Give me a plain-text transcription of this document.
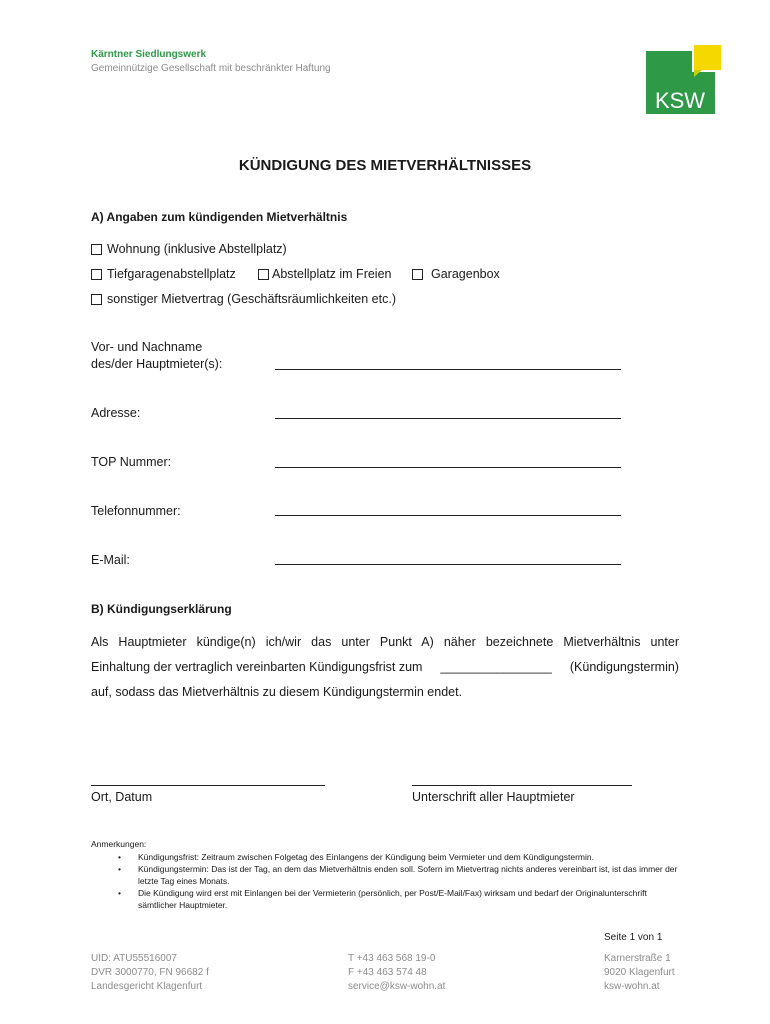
Kärntner Siedlungswerk
Gemeinnützige Gesellschaft mit beschränkter Haftung
KSW
KÜNDIGUNG DES MIETVERHÄLTNISSES
A) Angaben zum kündigenden Mietverhältnis
Wohnung (inklusive Abstellplatz)
Tiefgaragenabstellplatz	Abstellplatz im Freien	Garagenbox
sonstiger Mietvertrag (Geschäftsräumlichkeiten etc.)
Vor- und Nachname
des/der Hauptmieter(s):
Adresse:
TOP Nummer:
Telefonnummer:
E-Mail:
B) Kündigungserklärung
Als Hauptmieter kündige(n) ich/wir das unter Punkt A) näher bezeichnete Mietverhältnis unter
Einhaltung der vertraglich vereinbarten Kündigungsfrist zum ________________ (Kündigungstermin)
auf, sodass das Mietverhältnis zu diesem Kündigungstermin endet.
Ort, Datum	Unterschrift aller Hauptmieter
Anmerkungen:
• Kündigungsfrist: Zeitraum zwischen Folgetag des Einlangens der Kündigung beim Vermieter und dem Kündigungstermin.
• Kündigungstermin: Das ist der Tag, an dem das Mietverhältnis enden soll. Sofern im Mietvertrag nichts anderes vereinbart ist, ist das immer der letzte Tag eines Monats.
• Die Kündigung wird erst mit Einlangen bei der Vermieterin (persönlich, per Post/E-Mail/Fax) wirksam und bedarf der Originalunterschrift sämtlicher Hauptmieter.
Seite 1 von 1
UID: ATU55516007
DVR 3000770, FN 96682 f
Landesgericht Klagenfurt
T +43 463 568 19-0
F +43 463 574 48
service@ksw-wohn.at
Karnerstraße 1
9020 Klagenfurt
ksw-wohn.at
